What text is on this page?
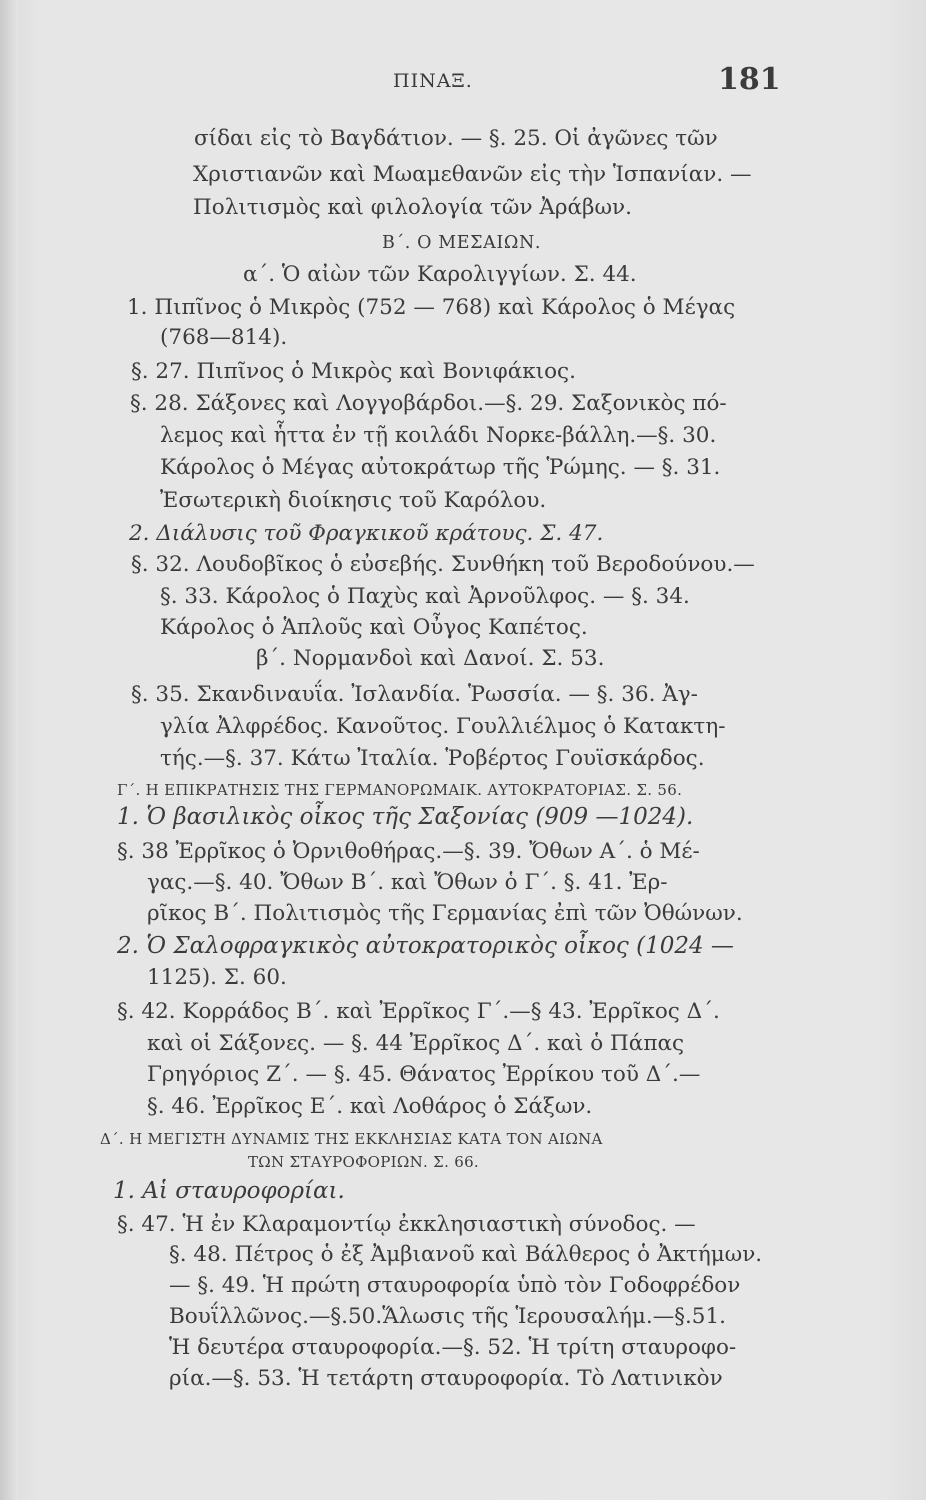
ΠΙΝΑΞ.	181
σίδαι εἰς τὸ Βαγδάτιον. — §. 25. Οἱ ἀγῶνες τῶν
Χριστιανῶν καὶ Μωαμεθανῶν εἰς τὴν Ἱσπανίαν. —
Πολιτισμὸς καὶ φιλολογία τῶν Ἀράβων.
Β΄. Ο ΜΕΣΑΙΩΝ.
α΄. Ὁ αἰὼν τῶν Καρολιγγίων. Σ. 44.
1. Πιπῖνος ὁ Μικρὸς (752 — 768) καὶ Κάρολος ὁ Μέγας
(768—814).
§. 27. Πιπῖνος ὁ Μικρὸς καὶ Βονιφάκιος.
§. 28. Σάξονες καὶ Λογγοβάρδοι.—§. 29. Σαξονικὸς πό-
λεμος καὶ ἧττα ἐν τῇ κοιλάδι Νορκε-βάλλη.—§. 30.
Κάρολος ὁ Μέγας αὐτοκράτωρ τῆς Ῥώμης. — §. 31.
Ἐσωτερικὴ διοίκησις τοῦ Καρόλου.
2. Διάλυσις τοῦ Φραγκικοῦ κράτους. Σ. 47.
§. 32. Λουδοβῖκος ὁ εὐσεβής. Συνθήκη τοῦ Βεροδούνου.—
§. 33. Κάρολος ὁ Παχὺς καὶ Ἀρνοῦλφος. — §. 34.
Κάρολος ὁ Ἁπλοῦς καὶ Οὖγος Καπέτος.
β΄. Νορμανδοὶ καὶ Δανοί. Σ. 53.
§. 35. Σκανδιναυΐα. Ἰσλανδία. Ῥωσσία. — §. 36. Ἀγ-
γλία Ἀλφρέδος. Κανοῦτος. Γουλλιέλμος ὁ Κατακτη-
τής.—§. 37. Κάτω Ἰταλία. Ῥοβέρτος Γουϊσκάρδος.
Γ΄. Η ΕΠΙΚΡΑΤΗΣΙΣ ΤΗΣ ΓΕΡΜΑΝΟΡΩΜΑΙΚ. ΑΥΤΟΚΡΑΤΟΡΙΑΣ. Σ. 56.
1. Ὁ βασιλικὸς οἶκος τῆς Σαξονίας (909 —1024).
§. 38 Ἐρρῖκος ὁ Ὀρνιθοθήρας.—§. 39. Ὄθων Α΄. ὁ Μέ-
γας.—§. 40. Ὄθων Β΄. καὶ Ὄθων ὁ Γ΄. §. 41. Ἐρ-
ρῖκος Β΄. Πολιτισμὸς τῆς Γερμανίας ἐπὶ τῶν Ὀθώνων.
2. Ὁ Σαλοφραγκικὸς αὐτοκρατορικὸς οἶκος (1024 —
1125). Σ. 60.
§. 42. Κορράδος Β΄. καὶ Ἐρρῖκος Γ΄.—§ 43. Ἐρρῖκος Δ΄.
καὶ οἱ Σάξονες. — §. 44 Ἐρρῖκος Δ΄. καὶ ὁ Πάπας
Γρηγόριος Ζ΄. — §. 45. Θάνατος Ἐρρίκου τοῦ Δ΄.—
§. 46. Ἐρρῖκος Ε΄. καὶ Λοθάρος ὁ Σάξων.
Δ΄. Η ΜΕΓΙΣΤΗ ΔΥΝΑΜΙΣ ΤΗΣ ΕΚΚΛΗΣΙΑΣ ΚΑΤΑ ΤΟΝ ΑΙΩΝΑ
ΤΩΝ ΣΤΑΥΡΟΦΟΡΙΩΝ. Σ. 66.
1. Αἱ σταυροφορίαι.
§. 47. Ἡ ἐν Κλαραμοντίῳ ἐκκλησιαστικὴ σύνοδος. —
§. 48. Πέτρος ὁ ἐξ Ἀμβιανοῦ καὶ Βάλθερος ὁ Ἀκτήμων.
— §. 49. Ἡ πρώτη σταυροφορία ὑπὸ τὸν Γοδοφρέδον
Βουΐλλῶνος.—§.50.Ἅλωσις τῆς Ἱερουσαλήμ.—§.51.
Ἡ δευτέρα σταυροφορία.—§. 52. Ἡ τρίτη σταυροφο-
ρία.—§. 53. Ἡ τετάρτη σταυροφορία. Τὸ Λατινικὸν
